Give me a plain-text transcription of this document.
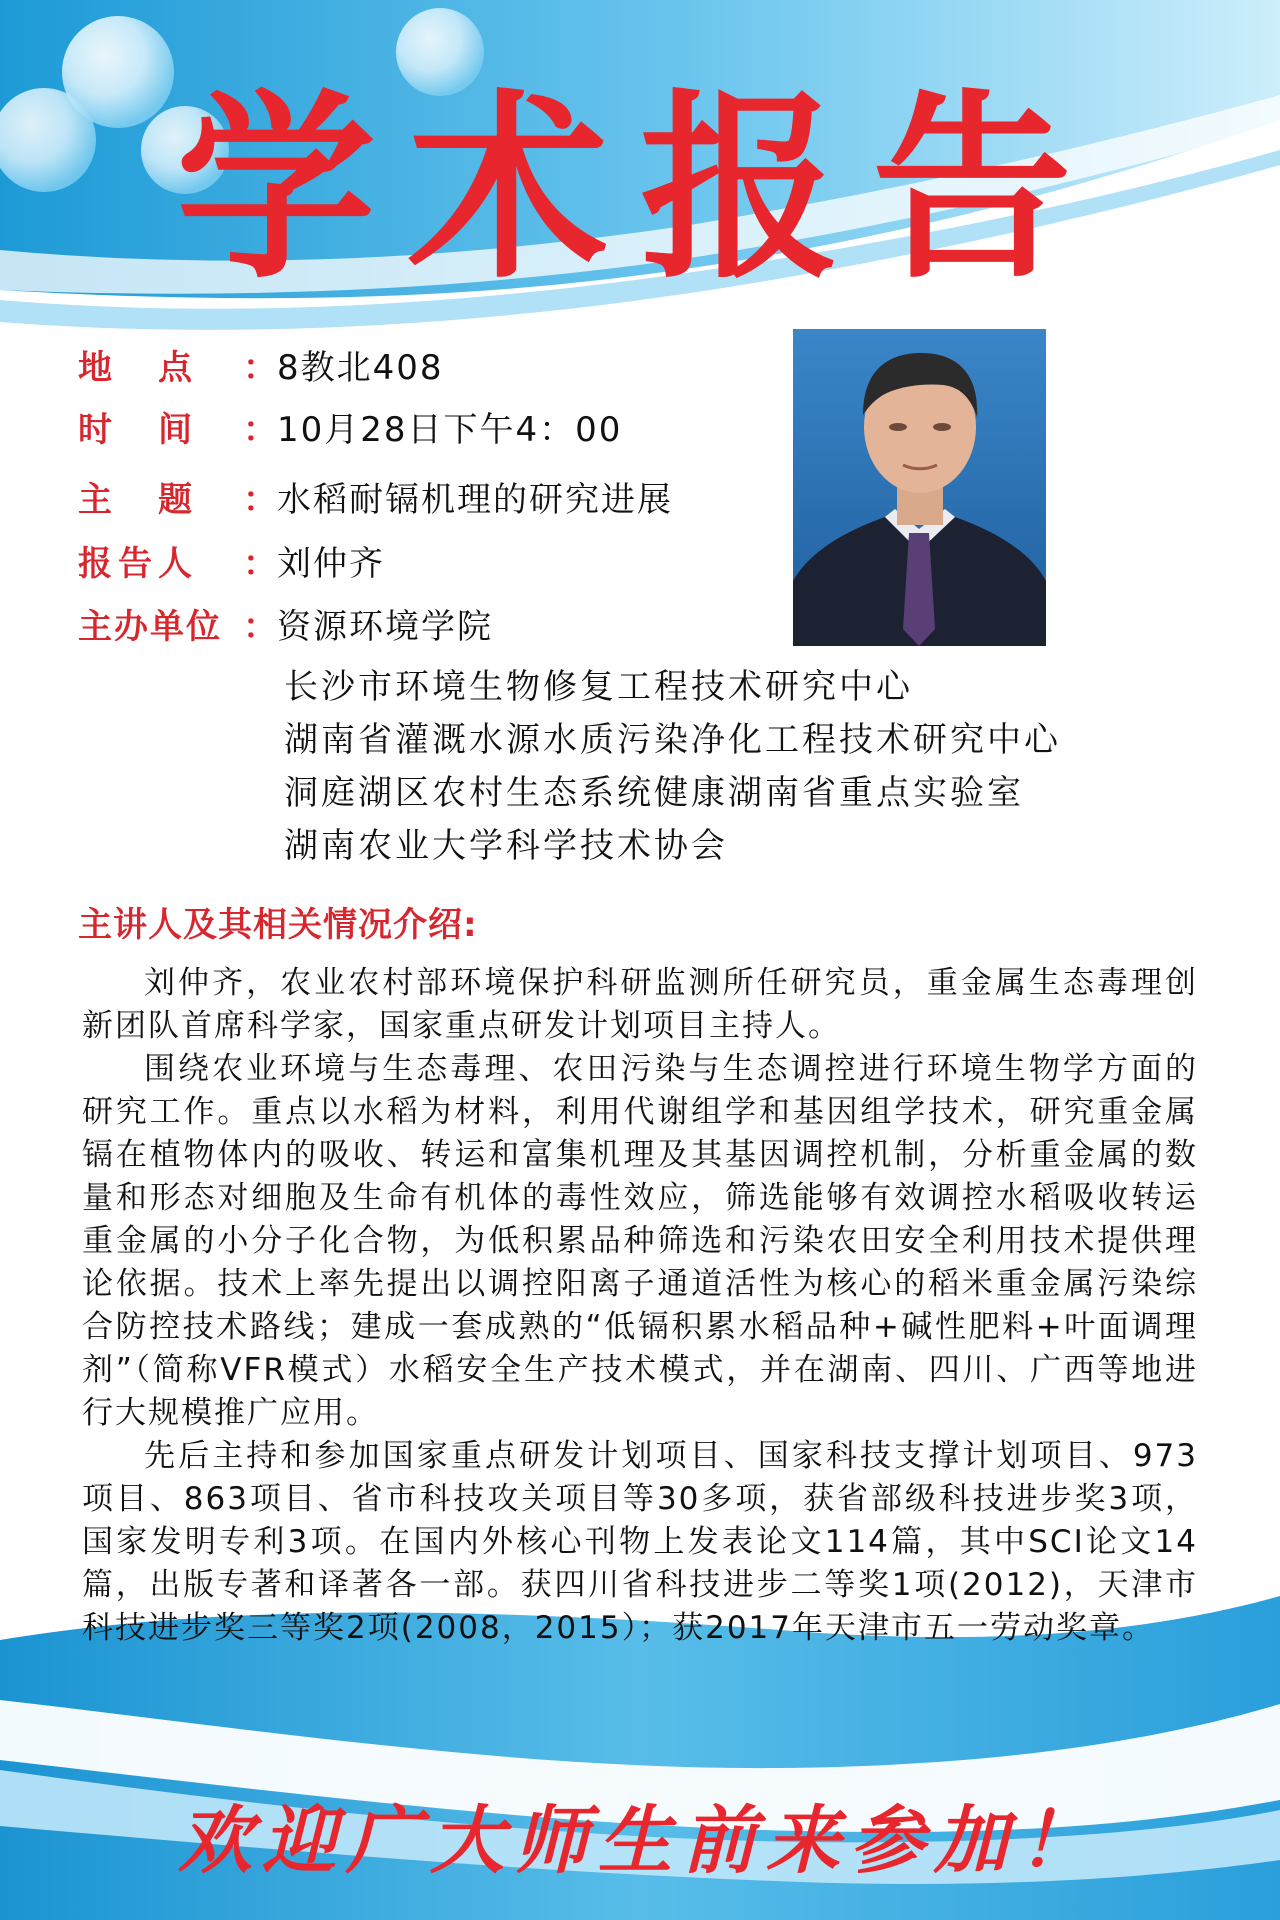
学术报告
地　点 ：8教北408
时　间 ：10月28日下午4：00
主　题 ：水稻耐镉机理的研究进展
报告人 ：刘仲齐
主办单位 ：资源环境学院
长沙市环境生物修复工程技术研究中心
湖南省灌溉水源水质污染净化工程技术研究中心
洞庭湖区农村生态系统健康湖南省重点实验室
湖南农业大学科学技术协会
主讲人及其相关情况介绍:

刘仲齐，农业农村部环境保护科研监测所任研究员，重金属生态毒理创新团队首席科学家，国家重点研发计划项目主持人。

围绕农业环境与生态毒理、农田污染与生态调控进行环境生物学方面的研究工作。重点以水稻为材料，利用代谢组学和基因组学技术，研究重金属镉在植物体内的吸收、转运和富集机理及其基因调控机制，分析重金属的数量和形态对细胞及生命有机体的毒性效应，筛选能够有效调控水稻吸收转运重金属的小分子化合物，为低积累品种筛选和污染农田安全利用技术提供理论依据。技术上率先提出以调控阳离子通道活性为核心的稻米重金属污染综合防控技术路线；建成一套成熟的“低镉积累水稻品种+碱性肥料+叶面调理剂”（简称VFR模式）水稻安全生产技术模式，并在湖南、四川、广西等地进行大规模推广应用。

先后主持和参加国家重点研发计划项目、国家科技支撑计划项目、973项目、863项目、省市科技攻关项目等30多项，获省部级科技进步奖3项，国家发明专利3项。在国内外核心刊物上发表论文114篇，其中SCI论文14篇，出版专著和译著各一部。获四川省科技进步二等奖1项(2012)，天津市科技进步奖三等奖2项(2008，2015）；获2017年天津市五一劳动奖章。

欢迎广大师生前来参加！
